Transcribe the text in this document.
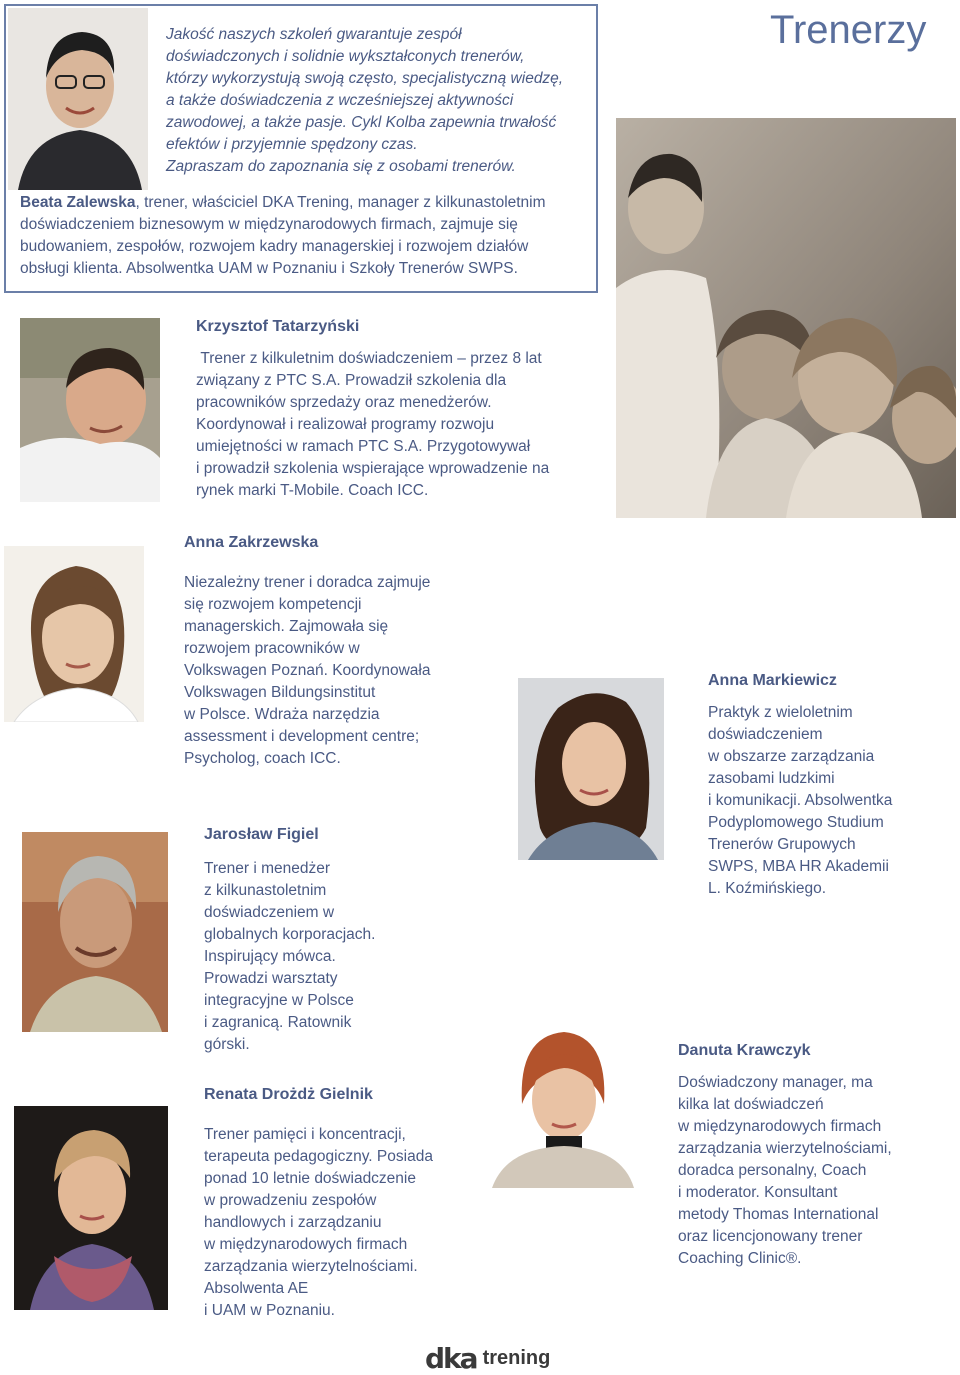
Trenerzy
Jakość naszych szkoleń gwarantuje zespół
doświadczonych i solidnie wykształconych trenerów,
którzy wykorzystują swoją często, specjalistyczną wiedzę,
a także doświadczenia z wcześniejszej aktywności
zawodowej, a także pasje. Cykl Kolba zapewnia trwałość
efektów i przyjemnie spędzony czas.
Zapraszam do zapoznania się z osobami trenerów.
Beata Zalewska, trener, właściciel DKA Trening, manager z kilkunastoletnim
doświadczeniem biznesowym w międzynarodowych firmach, zajmuje się
budowaniem, zespołów, rozwojem kadry managerskiej i rozwojem działów
obsługi klienta. Absolwentka UAM w Poznaniu i Szkoły Trenerów SWPS.
Krzysztof Tatarzyński

Trener z kilkuletnim doświadczeniem – przez 8 lat

związany z PTC S.A. Prowadził szkolenia dla

pracowników sprzedaży oraz menedżerów.

Koordynował i realizował programy rozwoju

umiejętności w ramach PTC S.A. Przygotowywał

i prowadził szkolenia wspierające wprowadzenie na

rynek marki T-Mobile. Coach ICC.

Anna Zakrzewska

Niezależny trener i doradca zajmuje

się rozwojem kompetencji

managerskich. Zajmowała się

rozwojem pracowników w

Volkswagen Poznań. Koordynowała

Volkswagen Bildungsinstitut

w Polsce. Wdraża narzędzia

assessment i development centre;

Psycholog, coach ICC.

Anna Markiewicz

Praktyk z wieloletnim

doświadczeniem

w obszarze zarządzania

zasobami ludzkimi

i komunikacji. Absolwentka

Podyplomowego Studium

Trenerów Grupowych

SWPS, MBA HR Akademii

L. Koźmińskiego.

Jarosław Figiel

Trener i menedżer

z kilkunastoletnim

doświadczeniem w

globalnych korporacjach.

Inspirujący mówca.

Prowadzi warsztaty

integracyjne w Polsce

i zagranicą. Ratownik

górski.	Danuta Krawczyk

Doświadczony manager, ma

kilka lat doświadczeń

w międzynarodowych firmach

zarządzania wierzytelnościami,

doradca personalny, Coach

i moderator. Konsultant

metody Thomas International

oraz licencjonowany trener

Coaching Clinic®.

Renata Drożdż Gielnik

Trener pamięci i koncentracji,

terapeuta pedagogiczny. Posiada

ponad 10 letnie doświadczenie

w prowadzeniu zespołów

handlowych i zarządzaniu

w międzynarodowych firmach

zarządzania wierzytelnościami.

Absolwenta AE

i UAM w Poznaniu.

dka trening
